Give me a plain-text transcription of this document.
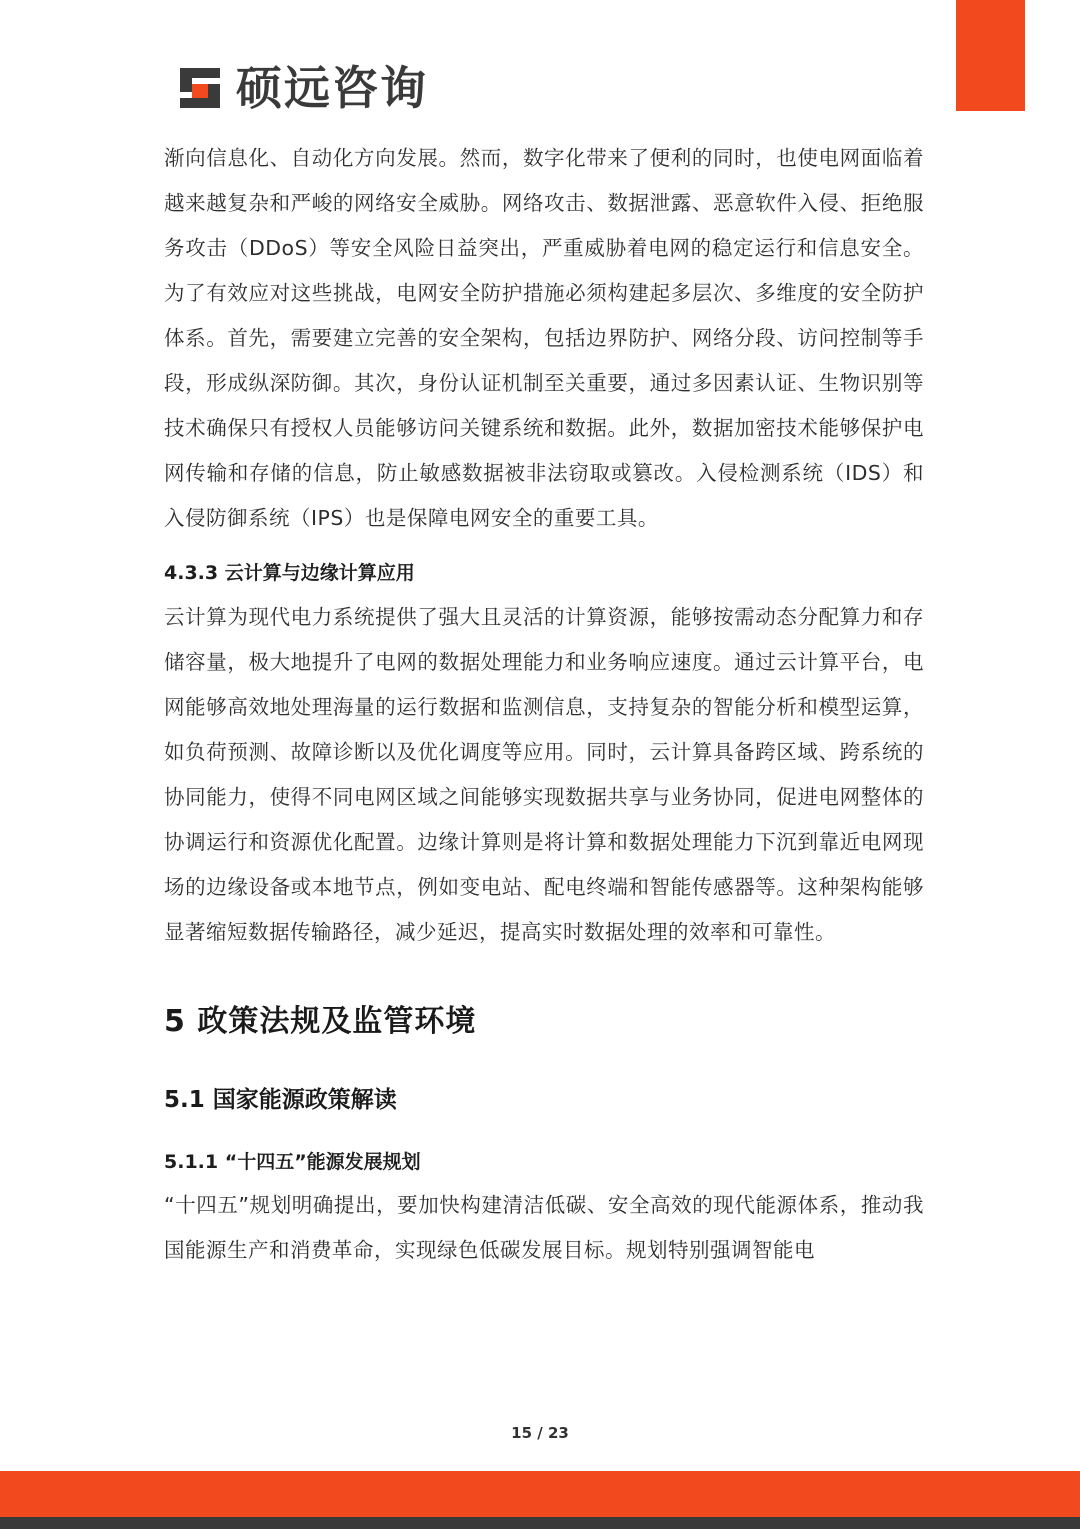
硕远咨询

渐向信息化、自动化方向发展。然而，数字化带来了便利的同时，也使电网面临着越来越复杂和严峻的网络安全威胁。网络攻击、数据泄露、恶意软件入侵、拒绝服务攻击（DDoS）等安全风险日益突出，严重威胁着电网的稳定运行和信息安全。为了有效应对这些挑战，电网安全防护措施必须构建起多层次、多维度的安全防护体系。首先，需要建立完善的安全架构，包括边界防护、网络分段、访问控制等手段，形成纵深防御。其次，身份认证机制至关重要，通过多因素认证、生物识别等技术确保只有授权人员能够访问关键系统和数据。此外，数据加密技术能够保护电网传输和存储的信息，防止敏感数据被非法窃取或篡改。入侵检测系统（IDS）和入侵防御系统（IPS）也是保障电网安全的重要工具。

4.3.3 云计算与边缘计算应用

云计算为现代电力系统提供了强大且灵活的计算资源，能够按需动态分配算力和存储容量，极大地提升了电网的数据处理能力和业务响应速度。通过云计算平台，电网能够高效地处理海量的运行数据和监测信息，支持复杂的智能分析和模型运算，如负荷预测、故障诊断以及优化调度等应用。同时，云计算具备跨区域、跨系统的协同能力，使得不同电网区域之间能够实现数据共享与业务协同，促进电网整体的协调运行和资源优化配置。边缘计算则是将计算和数据处理能力下沉到靠近电网现场的边缘设备或本地节点，例如变电站、配电终端和智能传感器等。这种架构能够显著缩短数据传输路径，减少延迟，提高实时数据处理的效率和可靠性。

5 政策法规及监管环境
5.1 国家能源政策解读
5.1.1 “十四五”能源发展规划

“十四五”规划明确提出，要加快构建清洁低碳、安全高效的现代能源体系，推动我国能源生产和消费革命，实现绿色低碳发展目标。规划特别强调智能电

15 / 23
